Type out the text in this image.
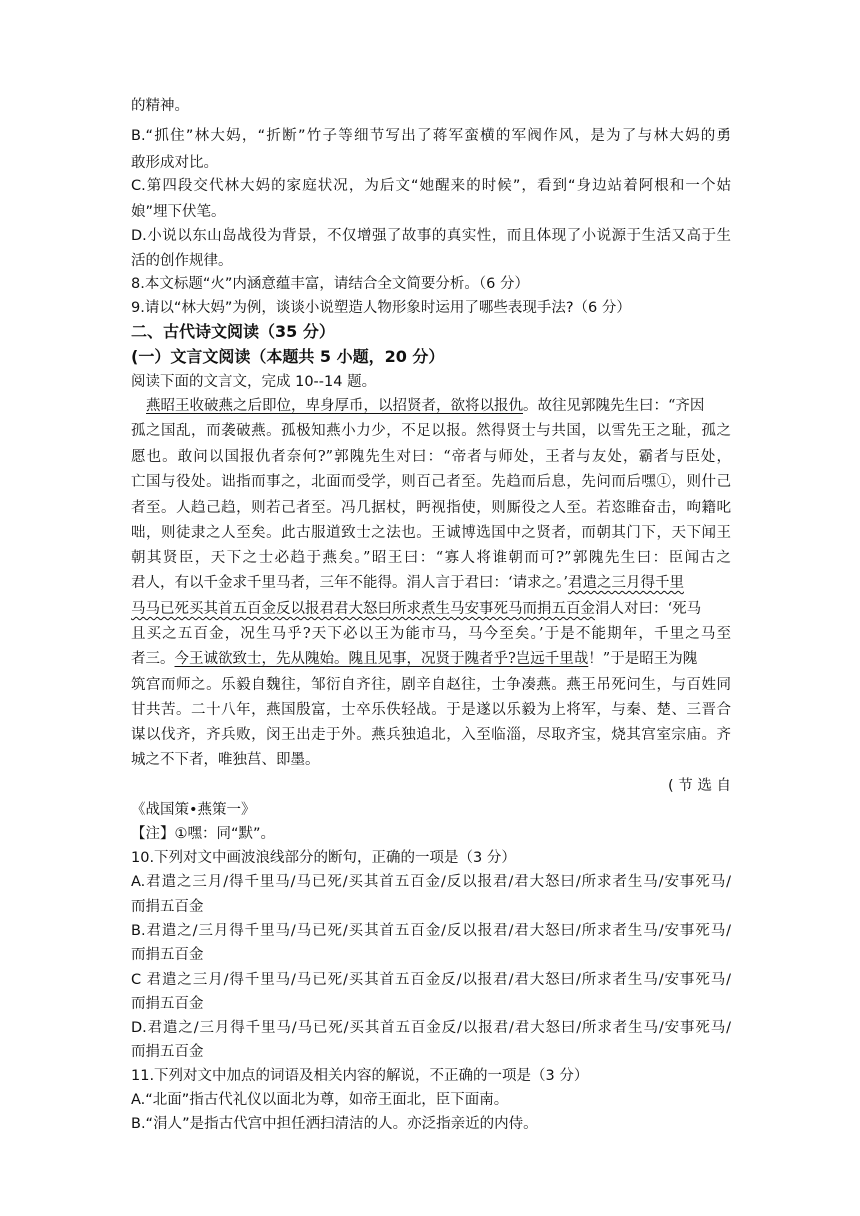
的精神。
B.“抓住”林大妈，“折断”竹子等细节写出了蒋军蛮横的军阀作风，是为了与林大妈的勇
敢形成对比。
C.第四段交代林大妈的家庭状况，为后文“她醒来的时候”，看到“身边站着阿根和一个姑
娘”埋下伏笔。
D.小说以东山岛战役为背景，不仅增强了故事的真实性，而且体现了小说源于生活又高于生
活的创作规律。
8.本文标题“火”内涵意蕴丰富，请结合全文简要分析。（6 分）
9.请以“林大妈”为例，谈谈小说塑造人物形象时运用了哪些表现手法?（6 分）
二、古代诗文阅读（35 分）
(一）文言文阅读（本题共 5 小题，20 分）
阅读下面的文言文，完成 10--14 题。
燕昭王收破燕之后即位，卑身厚币，以招贤者，欲将以报仇。故往见郭隗先生曰：“齐因
孤之国乱，而袭破燕。孤极知燕小力少，不足以报。然得贤士与共国，以雪先王之耻，孤之
愿也。敢问以国报仇者奈何?”郭隗先生对曰：“帝者与师处，王者与友处，霸者与臣处，
亡国与役处。诎指而事之，北面而受学，则百己者至。先趋而后息，先问而后嘿①，则什己
者至。人趋己趋，则若己者至。冯几据杖，眄视指使，则厮役之人至。若恣睢奋击，呴籍叱
咄，则徒隶之人至矣。此古服道致士之法也。王诚博选国中之贤者，而朝其门下，天下闻王
朝其贤臣，天下之士必趋于燕矣。”昭王曰：“寡人将谁朝而可?”郭隗先生曰：臣闻古之
君人，有以千金求千里马者，三年不能得。涓人言于君曰：‘请求之。’君遣之三月得千里
马马已死买其首五百金反以报君君大怒曰所求煮生马安事死马而捐五百金涓人对曰：‘死马
且买之五百金，况生马乎?天下必以王为能市马，马今至矣。’于是不能期年，千里之马至
者三。今王诚欲致士，先从隗始。隗且见事，况贤于隗者乎?岂远千里哉！”于是昭王为隗
筑宫而师之。乐毅自魏往，邹衍自齐往，剧辛自赵往，士争凑燕。燕王吊死问生，与百姓同
甘共苦。二十八年，燕国殷富，士卒乐佚轻战。于是遂以乐毅为上将军，与秦、楚、三晋合
谋以伐齐，齐兵败，闵王出走于外。燕兵独追北，入至临淄，尽取齐宝，烧其宫室宗庙。齐
城之不下者，唯独莒、即墨。
( 节 选 自
《战国策•燕策一》
【注】①嘿：同“默”。
10.下列对文中画波浪线部分的断句，正确的一项是（3 分）
A.君遣之三月/得千里马/马已死/买其首五百金/反以报君/君大怒曰/所求者生马/安事死马/
而捐五百金
B.君遣之/三月得千里马/马已死/买其首五百金/反以报君/君大怒曰/所求者生马/安事死马/
而捐五百金
C 君遣之三月/得千里马/马已死/买其首五百金反/以报君/君大怒曰/所求者生马/安事死马/
而捐五百金
D.君遣之/三月得千里马/马已死/买其首五百金反/以报君/君大怒曰/所求者生马/安事死马/
而捐五百金
11.下列对文中加点的词语及相关内容的解说，不正确的一项是（3 分）
A.“北面”指古代礼仪以面北为尊，如帝王面北，臣下面南。
B.“涓人”是指古代宫中担任洒扫清洁的人。亦泛指亲近的内侍。
